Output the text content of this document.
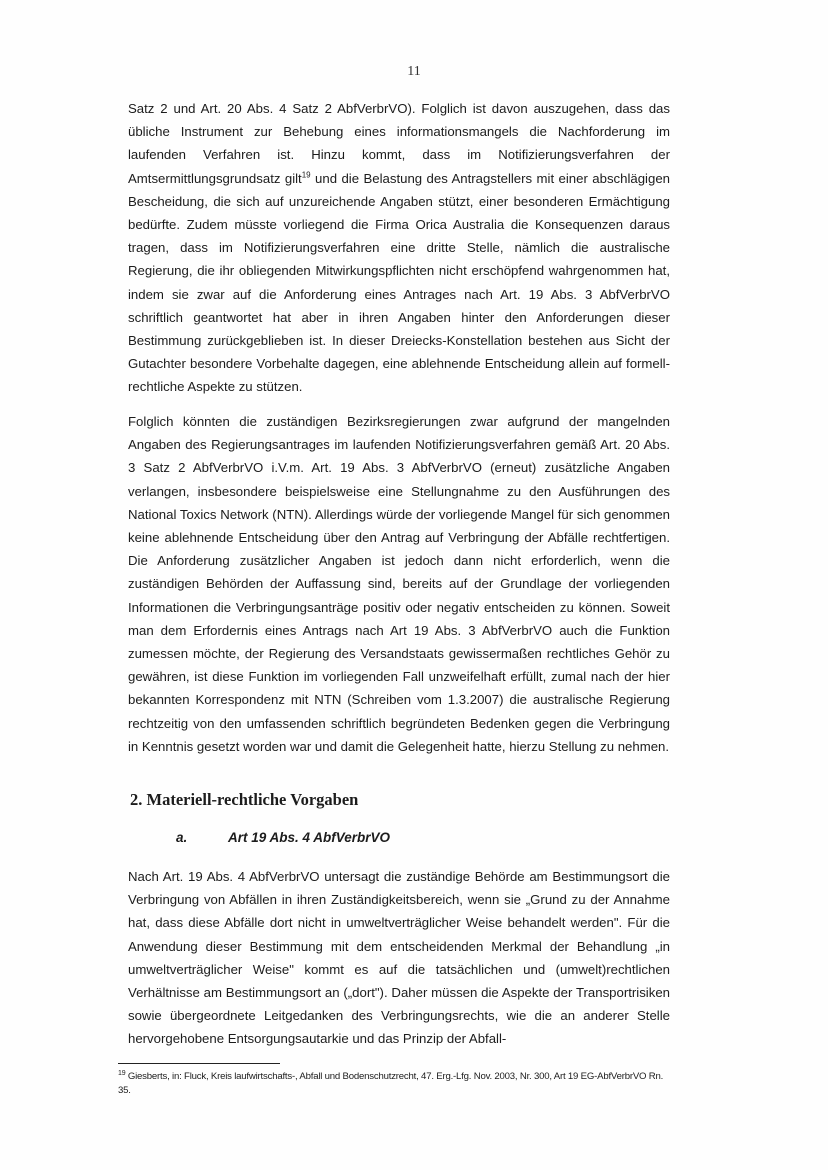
11
Satz 2 und Art. 20 Abs. 4 Satz 2 AbfVerbrVO). Folglich ist davon auszugehen, dass das übliche Instrument zur Behebung eines informationsmangels die Nachforderung im laufenden Verfahren ist. Hinzu kommt, dass im Notifizierungsverfahren der Amtsermittlungsgrundsatz gilt$^{19}$ und die Belastung des Antragstellers mit einer abschlägigen Bescheidung, die sich auf unzureichende Angaben stützt, einer besonderen Ermächtigung bedürfte. Zudem müsste vorliegend die Firma Orica Australia die Konsequenzen daraus tragen, dass im Notifizierungsverfahren eine dritte Stelle, nämlich die australische Regierung, die ihr obliegenden Mitwirkungspflichten nicht erschöpfend wahrgenommen hat, indem sie zwar auf die Anforderung eines Antrages nach Art. 19 Abs. 3 AbfVerbrVO schriftlich geantwortet hat aber in ihren Angaben hinter den Anforderungen dieser Bestimmung zurückgeblieben ist. In dieser Dreiecks-Konstellation bestehen aus Sicht der Gutachter besondere Vorbehalte dagegen, eine ablehnende Entscheidung allein auf formell-rechtliche Aspekte zu stützen.
Folglich könnten die zuständigen Bezirksregierungen zwar aufgrund der mangelnden Angaben des Regierungsantrages im laufenden Notifizierungsverfahren gemäß Art. 20 Abs. 3 Satz 2 AbfVerbrVO i.V.m. Art. 19 Abs. 3 AbfVerbrVO (erneut) zusätzliche Angaben verlangen, insbesondere beispielsweise eine Stellungnahme zu den Ausführungen des National Toxics Network (NTN). Allerdings würde der vorliegende Mangel für sich genommen keine ablehnende Entscheidung über den Antrag auf Verbringung der Abfälle rechtfertigen. Die Anforderung zusätzlicher Angaben ist jedoch dann nicht erforderlich, wenn die zuständigen Behörden der Auffassung sind, bereits auf der Grundlage der vorliegenden Informationen die Verbringungsanträge positiv oder negativ entscheiden zu können. Soweit man dem Erfordernis eines Antrags nach Art 19 Abs. 3 AbfVerbrVO auch die Funktion zumessen möchte, der Regierung des Versandstaats gewissermaßen rechtliches Gehör zu gewähren, ist diese Funktion im vorliegenden Fall unzweifelhaft erfüllt, zumal nach der hier bekannten Korrespondenz mit NTN (Schreiben vom 1.3.2007) die australische Regierung rechtzeitig von den umfassenden schriftlich begründeten Bedenken gegen die Verbringung in Kenntnis gesetzt worden war und damit die Gelegenheit hatte, hierzu Stellung zu nehmen.
2. Materiell-rechtliche Vorgaben
a.	Art 19 Abs. 4 AbfVerbrVO
Nach Art. 19 Abs. 4 AbfVerbrVO untersagt die zuständige Behörde am Bestimmungsort die Verbringung von Abfällen in ihren Zuständigkeitsbereich, wenn sie „Grund zu der Annahme hat, dass diese Abfälle dort nicht in umweltverträglicher Weise behandelt werden". Für die Anwendung dieser Bestimmung mit dem entscheidenden Merkmal der Behandlung „in umweltverträglicher Weise" kommt es auf die tatsächlichen und (umwelt)rechtlichen Verhältnisse am Bestimmungsort an („dort"). Daher müssen die Aspekte der Transportrisiken sowie übergeordnete Leitgedanken des Verbringungsrechts, wie die an anderer Stelle hervorgehobene Entsorgungsautarkie und das Prinzip der Abfall-
$^{19}$ Giesberts, in: Fluck, Kreis laufwirtschafts-, Abfall und Bodenschutzrecht, 47. Erg.-Lfg. Nov. 2003, Nr. 300, Art 19 EG-AbfVerbrVO Rn. 35.
